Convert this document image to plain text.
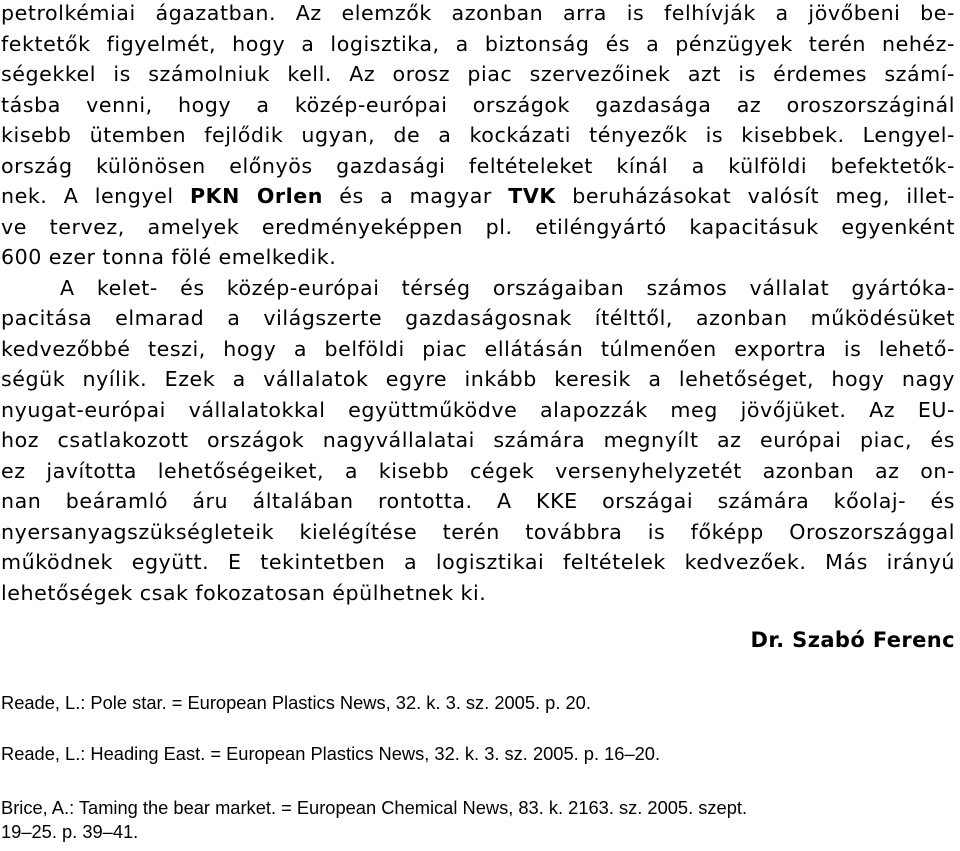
petrolkémiai ágazatban. Az elemzők azonban arra is felhívják a jövőbeni be-
fektetők figyelmét, hogy a logisztika, a biztonság és a pénzügyek terén nehéz-
ségekkel is számolniuk kell. Az orosz piac szervezőinek azt is érdemes számí-
tásba venni, hogy a közép-európai országok gazdasága az oroszországinál
kisebb ütemben fejlődik ugyan, de a kockázati tényezők is kisebbek. Lengyel-
ország különösen előnyös gazdasági feltételeket kínál a külföldi befektetők-
nek. A lengyel PKN Orlen és a magyar TVK beruházásokat valósít meg, illet-
ve tervez, amelyek eredményeképpen pl. etiléngyártó kapacitásuk egyenként
600 ezer tonna fölé emelkedik.
A kelet- és közép-európai térség országaiban számos vállalat gyártóka-
pacitása elmarad a világszerte gazdaságosnak ítélttől, azonban működésüket
kedvezőbbé teszi, hogy a belföldi piac ellátásán túlmenően exportra is lehető-
ségük nyílik. Ezek a vállalatok egyre inkább keresik a lehetőséget, hogy nagy
nyugat-európai vállalatokkal együttműködve alapozzák meg jövőjüket. Az EU-
hoz csatlakozott országok nagyvállalatai számára megnyílt az európai piac, és
ez javította lehetőségeiket, a kisebb cégek versenyhelyzetét azonban az on-
nan beáramló áru általában rontotta. A KKE országai számára kőolaj- és
nyersanyagszükségleteik kielégítése terén továbbra is főképp Oroszországgal
működnek együtt. E tekintetben a logisztikai feltételek kedvezőek. Más irányú
lehetőségek csak fokozatosan épülhetnek ki.

Dr. Szabó Ferenc

Reade, L.: Pole star. = European Plastics News, 32. k. 3. sz. 2005. p. 20.
Reade, L.: Heading East. = European Plastics News, 32. k. 3. sz. 2005. p. 16–20.
Brice, A.: Taming the bear market. = European Chemical News, 83. k. 2163. sz. 2005. szept.
19–25. p. 39–41.
